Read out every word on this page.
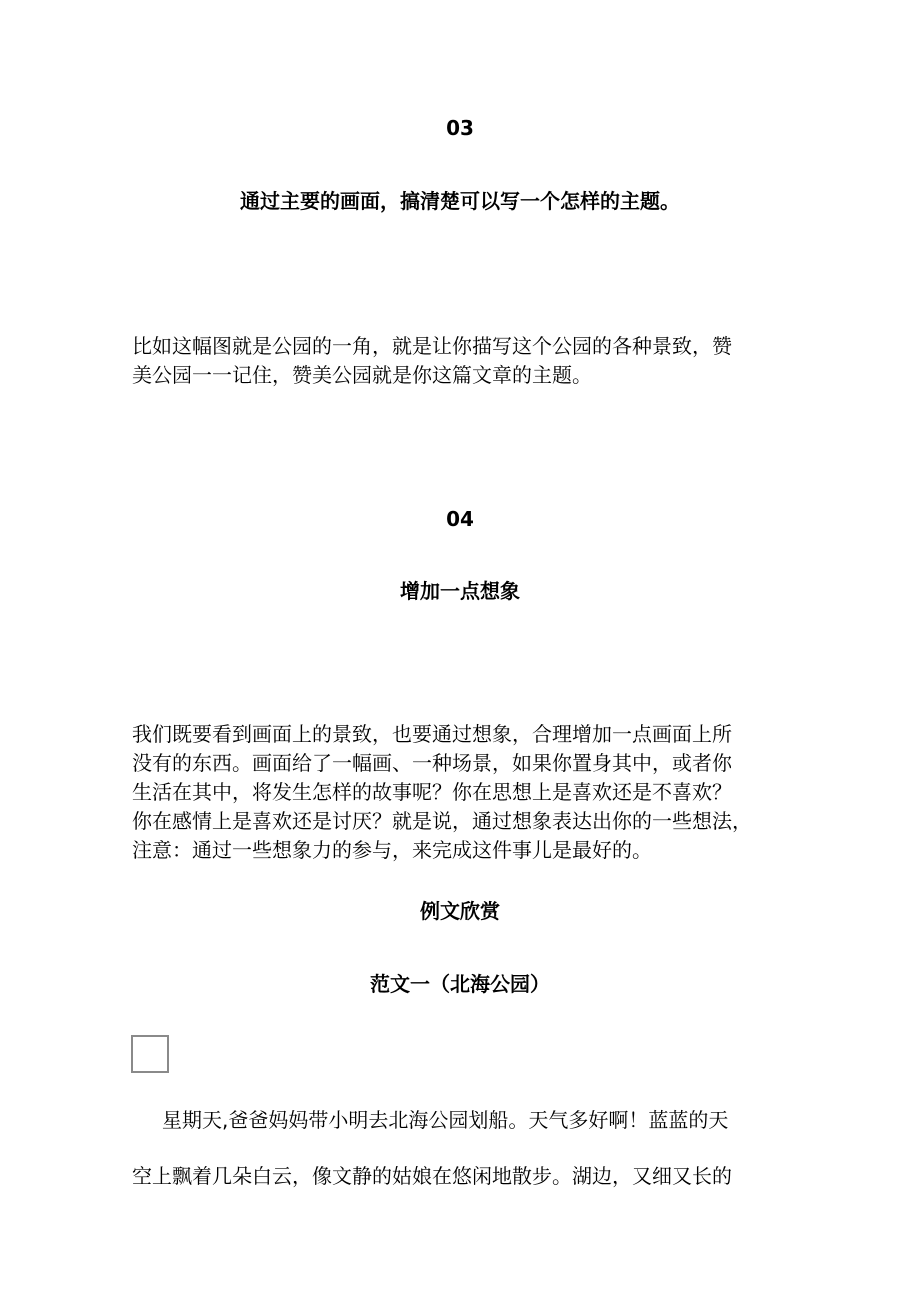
03

通过主要的画面，搞清楚可以写一个怎样的主题。

比如这幅图就是公园的一角，就是让你描写这个公园的各种景致，赞
美公园一一记住，赞美公园就是你这篇文章的主题。

04

增加一点想象

我们既要看到画面上的景致，也要通过想象，合理增加一点画面上所
没有的东西。画面给了一幅画、一种场景，如果你置身其中，或者你
生活在其中，将发生怎样的故事呢？你在思想上是喜欢还是不喜欢？
你在感情上是喜欢还是讨厌？就是说，通过想象表达出你的一些想法，
注意：通过一些想象力的参与，来完成这件事儿是最好的。

例文欣赏

范文一（北海公园）

星期天,爸爸妈妈带小明去北海公园划船。天气多好啊！蓝蓝的天
空上飘着几朵白云，像文静的姑娘在悠闲地散步。湖边，又细又长的
